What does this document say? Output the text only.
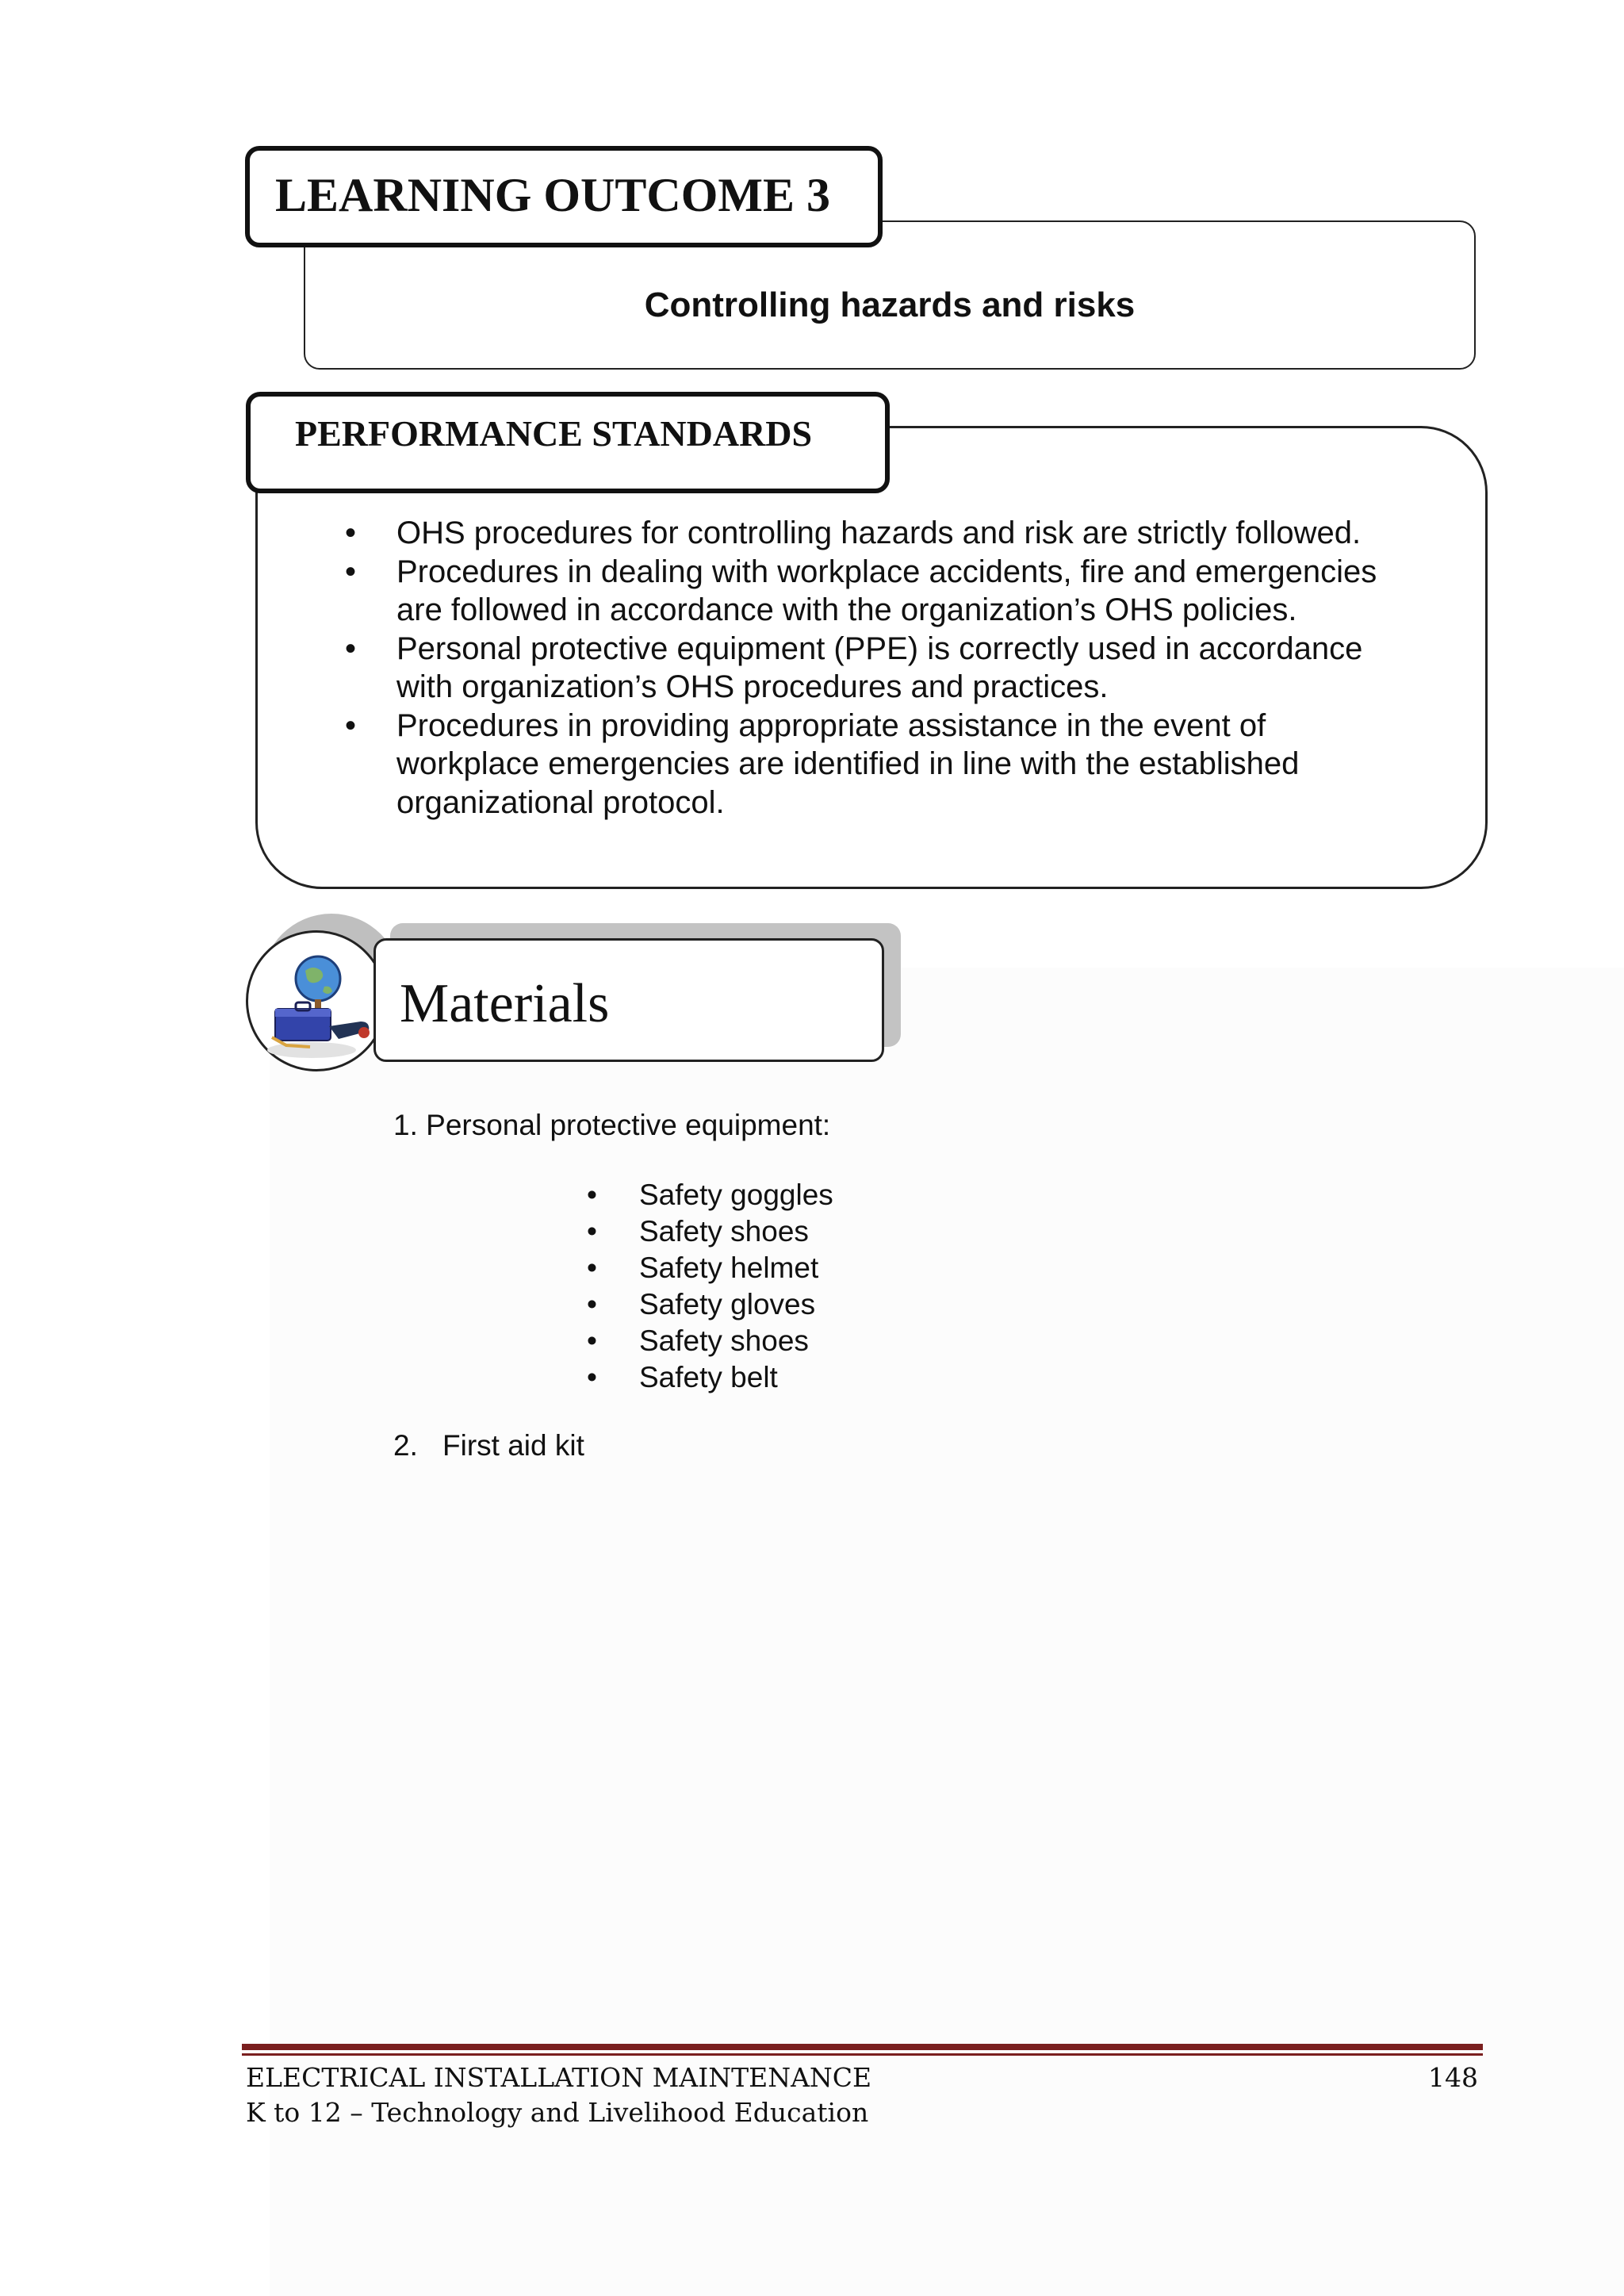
Controlling hazards and risks
LEARNING OUTCOME 3
PERFORMANCE STANDARDS
• OHS procedures for controlling hazards and risk are strictly followed.
• Procedures in dealing with workplace accidents, fire and emergencies
are followed in accordance with the organization’s OHS policies.
• Personal protective equipment (PPE) is correctly used in accordance
with organization’s OHS procedures and practices.
• Procedures in providing appropriate assistance in the event of
workplace emergencies are identified in line with the established
organizational protocol.
Materials
1. Personal protective equipment:
• Safety goggles
• Safety shoes
• Safety helmet
• Safety gloves
• Safety shoes
• Safety belt
2. First aid kit
ELECTRICAL INSTALLATION MAINTENANCE
K to 12 – Technology and Livelihood Education
148
